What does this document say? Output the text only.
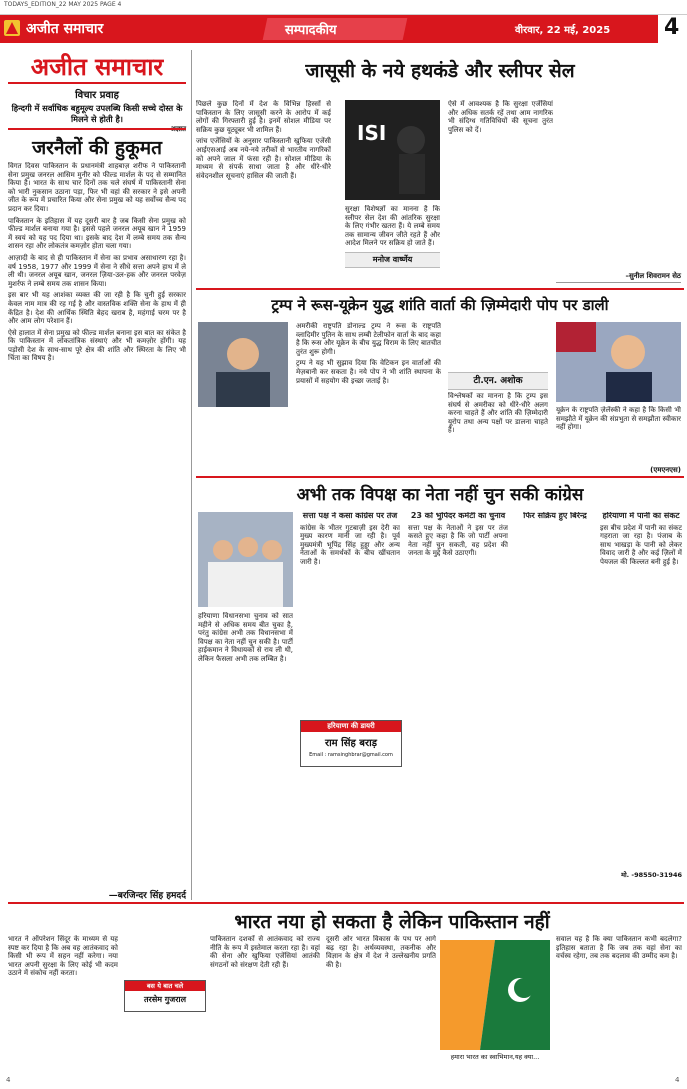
TODAYS_EDITION_22 MAY 2025 PAGE 4
अजीत समाचार	सम्पादकीय	वीरवार, 22 मई, 2025 4
अजीत समाचार
विचार प्रवाह
हिन्दगी में सर्वाधिक बहुमूल्य उपलब्धि किसी सच्चे दोस्त के मिलने से होती है।
जरनैलों की हुकूमत

विगत दिवस पाकिस्तान के प्रधानमंत्री शाहबाज़ शरीफ ने पाकिस्तानी सेना प्रमुख जनरल आसिम मुनीर को फील्ड मार्शल के पद से सम्मानित किया है। भारत के साथ चार दिनों तक चले संघर्ष में पाकिस्तानी सेना को भारी नुकसान उठाना पड़ा, फिर भी वहां की सरकार ने इसे अपनी जीत के रूप में प्रचारित किया और सेना प्रमुख को यह सर्वोच्च सैन्य पद प्रदान कर दिया।

पाकिस्तान के इतिहास में यह दूसरी बार है जब किसी सेना प्रमुख को फील्ड मार्शल बनाया गया है। इससे पहले जनरल अयूब खान ने 1959 में स्वयं को यह पद दिया था। इसके बाद देश में लम्बे समय तक सैन्य शासन रहा और लोकतंत्र कमज़ोर होता चला गया।

आज़ादी के बाद से ही पाकिस्तान में सेना का प्रभाव असाधारण रहा है। वर्ष 1958, 1977 और 1999 में सेना ने सीधे सत्ता अपने हाथ में ले ली थी। जनरल अयूब खान, जनरल ज़िया-उल-हक और जनरल परवेज़ मुशर्रफ ने लम्बे समय तक शासन किया।

इस बार भी यह आशंका व्यक्त की जा रही है कि चुनी हुई सरकार केवल नाम मात्र की रह गई है और वास्तविक शक्ति सेना के हाथ में ही केंद्रित है। देश की आर्थिक स्थिति बेहद खराब है, महंगाई चरम पर है और आम लोग परेशान हैं।

ऐसे हालात में सेना प्रमुख को फील्ड मार्शल बनाना इस बात का संकेत है कि पाकिस्तान में लोकतांत्रिक संस्थाएं और भी कमज़ोर होंगी। यह पड़ोसी देश के साथ-साथ पूरे क्षेत्र की शांति और स्थिरता के लिए भी चिंता का विषय है।

—बरजिन्दर सिंह हमदर्द
जासूसी के नये हथकंडे और स्लीपर सेल

पिछले कुछ दिनों में देश के विभिन्न हिस्सों से पाकिस्तान के लिए जासूसी करने के आरोप में कई लोगों की गिरफ्तारी हुई है। इनमें सोशल मीडिया पर सक्रिय कुछ यूट्यूबर भी शामिल हैं।

जांच एजेंसियों के अनुसार पाकिस्तानी खुफिया एजेंसी आईएसआई अब नये-नये तरीकों से भारतीय नागरिकों को अपने जाल में फंसा रही है। सोशल मीडिया के माध्यम से संपर्क साधा जाता है और धीरे-धीरे संवेदनशील सूचनाएं हासिल की जाती हैं।

ISI

सुरक्षा विशेषज्ञों का मानना है कि स्लीपर सेल देश की आंतरिक सुरक्षा के लिए गंभीर खतरा हैं। ये लम्बे समय तक सामान्य जीवन जीते रहते हैं और आदेश मिलने पर सक्रिय हो जाते हैं।

मनोज वार्ष्णेय

ऐसे में आवश्यक है कि सुरक्षा एजेंसियां और अधिक सतर्क रहें तथा आम नागरिक भी संदिग्ध गतिविधियों की सूचना तुरंत पुलिस को दें।

–सुनील शिवरामन सेठ
ट्रम्प ने रूस-यूक्रेन युद्ध शांति वार्ता की ज़िम्मेदारी पोप पर डाली

अमरीकी राष्ट्रपति डोनाल्ड ट्रम्प ने रूस के राष्ट्रपति व्लादिमीर पुतिन के साथ लम्बी टेलीफोन वार्ता के बाद कहा है कि रूस और यूक्रेन के बीच युद्ध विराम के लिए बातचीत तुरंत शुरू होगी।

ट्रम्प ने यह भी सुझाव दिया कि वेटिकन इन वार्ताओं की मेज़बानी कर सकता है। नये पोप ने भी शांति स्थापना के प्रयासों में सहयोग की इच्छा जताई है।	टी.एन. अशोक

विश्लेषकों का मानना है कि ट्रम्प इस संघर्ष से अमरीका को धीरे-धीरे अलग करना चाहते हैं और शांति की ज़िम्मेदारी यूरोप तथा अन्य पक्षों पर डालना चाहते हैं।

यूक्रेन के राष्ट्रपति ज़ेलेंस्की ने कहा है कि किसी भी समझौते में यूक्रेन की संप्रभुता से समझौता स्वीकार नहीं होगा।

(एमएनएस)
अभी तक विपक्ष का नेता नहीं चुन सकी कांग्रेस

हरियाणा विधानसभा चुनाव को सात महीने से अधिक समय बीत चुका है, परंतु कांग्रेस अभी तक विधानसभा में विपक्ष का नेता नहीं चुन सकी है। पार्टी हाईकमान ने विधायकों से राय ली थी, लेकिन फैसला अभी तक लम्बित है।

सत्ता पक्ष ने कसा कांग्रेस पर तंज

कांग्रेस के भीतर गुटबाज़ी इस देरी का मुख्य कारण मानी जा रही है। पूर्व मुख्यमंत्री भूपिंद्र सिंह हुड्डा और अन्य नेताओं के समर्थकों के बीच खींचतान जारी है।

हरियाणा की डायरी
राम सिंह बराड़
Email : ramsinghbrar@gmail.com
23 को भुपिंदर कमेटी का चुनाव

सत्ता पक्ष के नेताओं ने इस पर तंज कसते हुए कहा है कि जो पार्टी अपना नेता नहीं चुन सकती, वह प्रदेश की जनता के मुद्दे कैसे उठाएगी।

फिर सक्रिय हुए बिरेन्द्र	हरियाणा में पानी का संकट

इस बीच प्रदेश में पानी का संकट गहराता जा रहा है। पंजाब के साथ भाखड़ा के पानी को लेकर विवाद जारी है और कई ज़िलों में पेयजल की किल्लत बनी हुई है।

मो. -98550-31946
भारत नया हो सकता है लेकिन पाकिस्तान नहीं

भारत ने ऑपरेशन सिंदूर के माध्यम से यह स्पष्ट कर दिया है कि अब वह आतंकवाद को किसी भी रूप में सहन नहीं करेगा। नया भारत अपनी सुरक्षा के लिए कोई भी कदम उठाने में संकोच नहीं करता।

बस ये बात चले
तरसेम गुजराल

पाकिस्तान दशकों से आतंकवाद को राज्य नीति के रूप में इस्तेमाल करता रहा है। वहां की सेना और खुफिया एजेंसियां आतंकी संगठनों को संरक्षण देती रही हैं।

दूसरी ओर भारत विकास के पथ पर आगे बढ़ रहा है। अर्थव्यवस्था, तकनीक और विज्ञान के क्षेत्र में देश ने उल्लेखनीय प्रगति की है।

हमारा भारत का स्वाभिमान,यह क्या...

सवाल यह है कि क्या पाकिस्तान कभी बदलेगा? इतिहास बताता है कि जब तक वहां सेना का वर्चस्व रहेगा, तब तक बदलाव की उम्मीद कम है।

4	4
